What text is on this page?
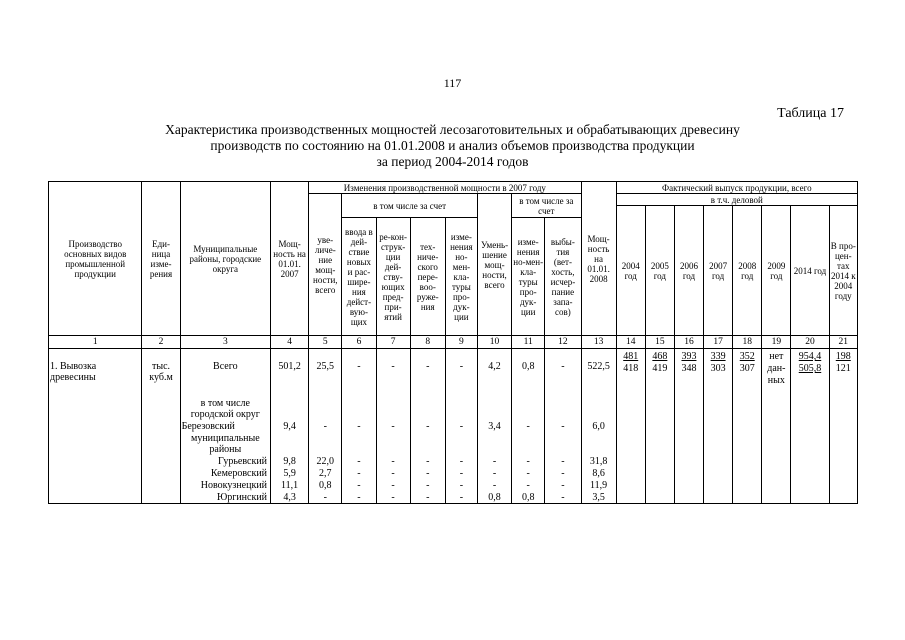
117
Таблица 17
Характеристика производственных мощностей лесозаготовительных и обрабатывающих древесину
производств по состоянию на 01.01.2008 и анализ объемов производства продукции
за период 2004-2014 годов
Производство основных видов промышленной продукции	Еди-ница изме-рения	Муниципальные районы, городские округа	Мощ-ность на 01.01. 2007	Изменения производственной мощности в 2007 году								Мощ-ность на 01.01. 2008	Фактический выпуск продукции, всего							
				уве-личе-ние мощ-ности, всего	в том числе за счет				Умень-шение мощ-ности, всего	в том числе за счет			в т.ч. деловой							
													2004 год	2005 год	2006 год	2007 год	2008 год	2009 год	2014 год	В про-цен-тах 2014 к 2004 году
					ввода в дей-ствие новых и рас-шире-ния дейст-вую-щих	ре-кон-струк-ции дей-ству-ющих пред-при-ятий	тех-ниче-ского пере-воо-руже-ния	изме-нения но-мен-кла-туры про-дук-ции		изме-нения но-мен-кла-туры про-дук-ции	выбы-тия (вет-хость, исчер-пание запа-сов)									
1	2	3	4	5	6	7	8	9	10	11	12	13	14	15	16	17	18	19	20	21
1. Вывозка древесины	тыс. куб.м	Всего	501,2	25,5	-	-	-	-	4,2	0,8	-	522,5	$\frac{481}{418}$	$\frac{468}{419}$	$\frac{393}{348}$	$\frac{339}{303}$	$\frac{352}{307}$	нет дан-ных	$\frac{954,4}{505,8}$	$\frac{198}{121}$

		в том числе городской округ																		
		Березовский	9,4	-	-	-	-	-	3,4	-	-	6,0								
		муниципальные районы																		
		Гурьевский	9,8	22,0	-	-	-	-	-	-	-	31,8								
		Кемеровский	5,9	2,7	-	-	-	-	-	-	-	8,6								
		Новокузнецкий	11,1	0,8	-	-	-	-	-	-	-	11,9								
		Юргинский	4,3	-	-	-	-	-	0,8	0,8	-	3,5								
